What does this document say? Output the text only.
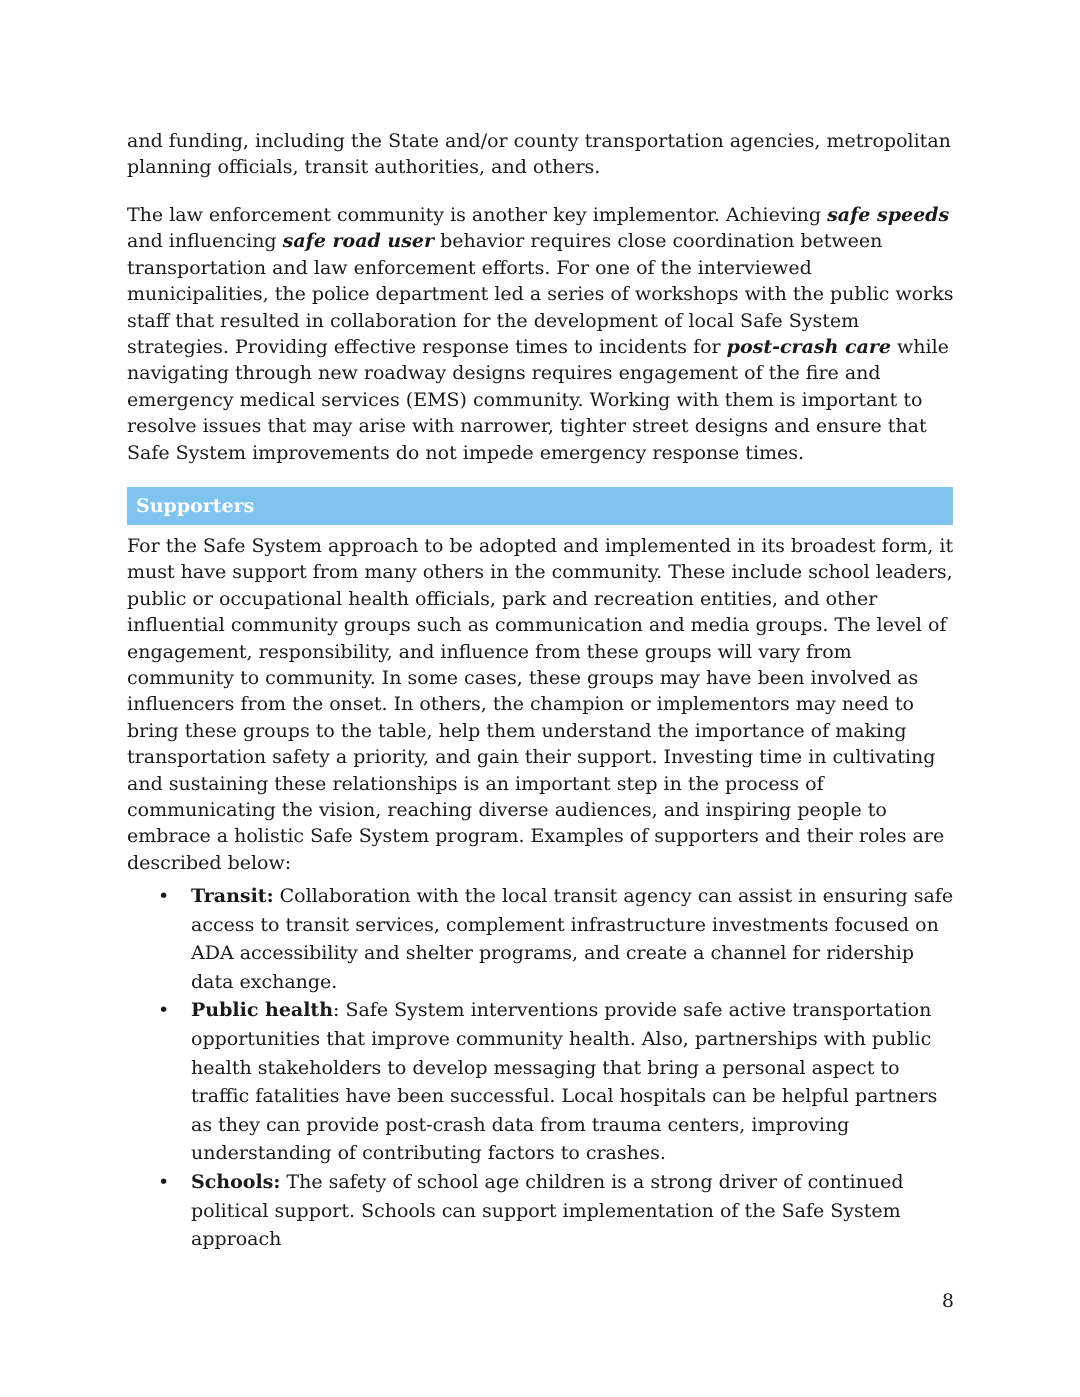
and funding, including the State and/or county transportation agencies, metropolitan planning officials, transit authorities, and others.

The law enforcement community is another key implementor. Achieving safe speeds and influencing safe road user behavior requires close coordination between transportation and law enforcement efforts. For one of the interviewed municipalities, the police department led a series of workshops with the public works staff that resulted in collaboration for the development of local Safe System strategies. Providing effective response times to incidents for post-crash care while navigating through new roadway designs requires engagement of the fire and emergency medical services (EMS) community. Working with them is important to resolve issues that may arise with narrower, tighter street designs and ensure that Safe System improvements do not impede emergency response times.

Supporters

For the Safe System approach to be adopted and implemented in its broadest form, it must have support from many others in the community. These include school leaders, public or occupational health officials, park and recreation entities, and other influential community groups such as communication and media groups. The level of engagement, responsibility, and influence from these groups will vary from community to community. In some cases, these groups may have been involved as influencers from the onset. In others, the champion or implementors may need to bring these groups to the table, help them understand the importance of making transportation safety a priority, and gain their support. Investing time in cultivating and sustaining these relationships is an important step in the process of communicating the vision, reaching diverse audiences, and inspiring people to embrace a holistic Safe System program. Examples of supporters and their roles are described below:

• Transit: Collaboration with the local transit agency can assist in ensuring safe access to transit services, complement infrastructure investments focused on ADA accessibility and shelter programs, and create a channel for ridership data exchange.
• Public health: Safe System interventions provide safe active transportation opportunities that improve community health. Also, partnerships with public health stakeholders to develop messaging that bring a personal aspect to traffic fatalities have been successful. Local hospitals can be helpful partners as they can provide post-crash data from trauma centers, improving understanding of contributing factors to crashes.
• Schools: The safety of school age children is a strong driver of continued political support. Schools can support implementation of the Safe System approach

8
